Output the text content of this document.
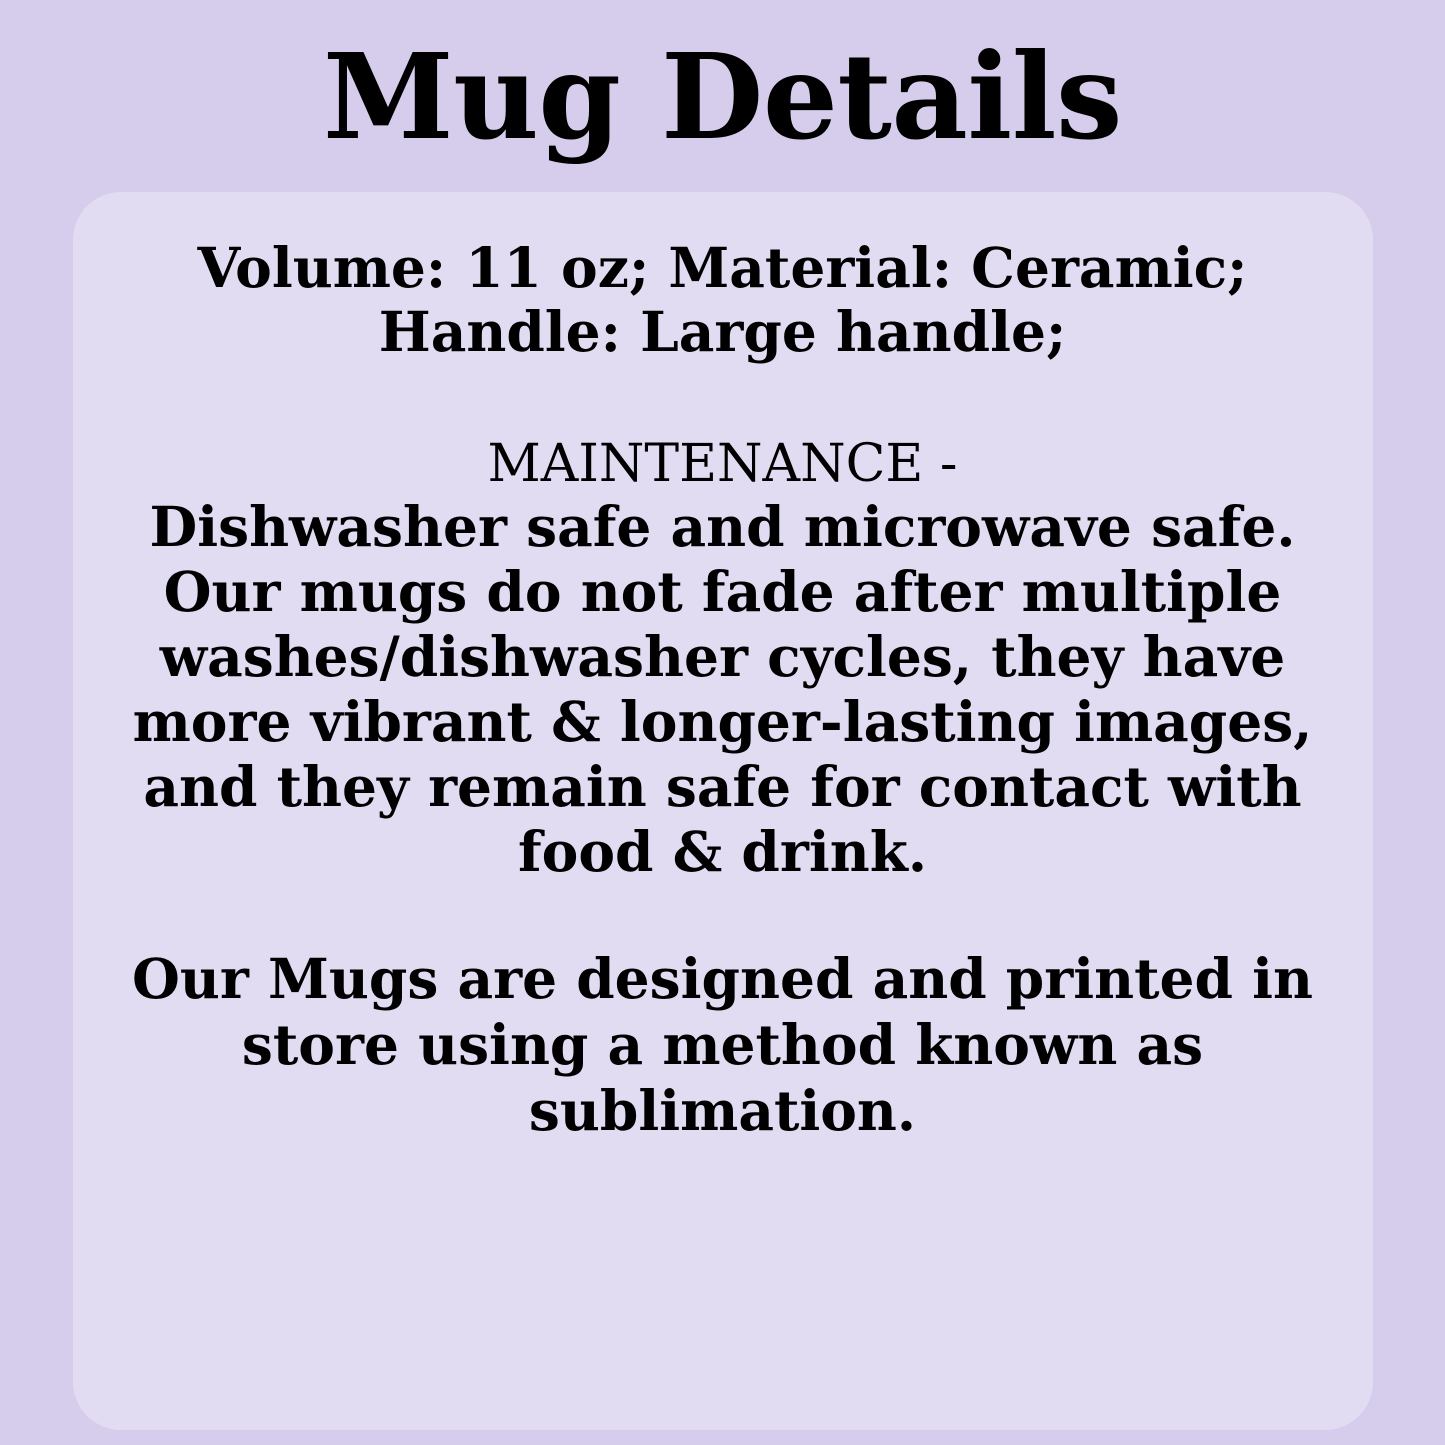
Mug Details

Volume: 11 oz; Material: Ceramic; Handle: Large handle;

MAINTENANCE -

Dishwasher safe and microwave safe. Our mugs do not fade after multiple washes/dishwasher cycles, they have more vibrant & longer-lasting images, and they remain safe for contact with food & drink.

Our Mugs are designed and printed in store using a method known as sublimation.
